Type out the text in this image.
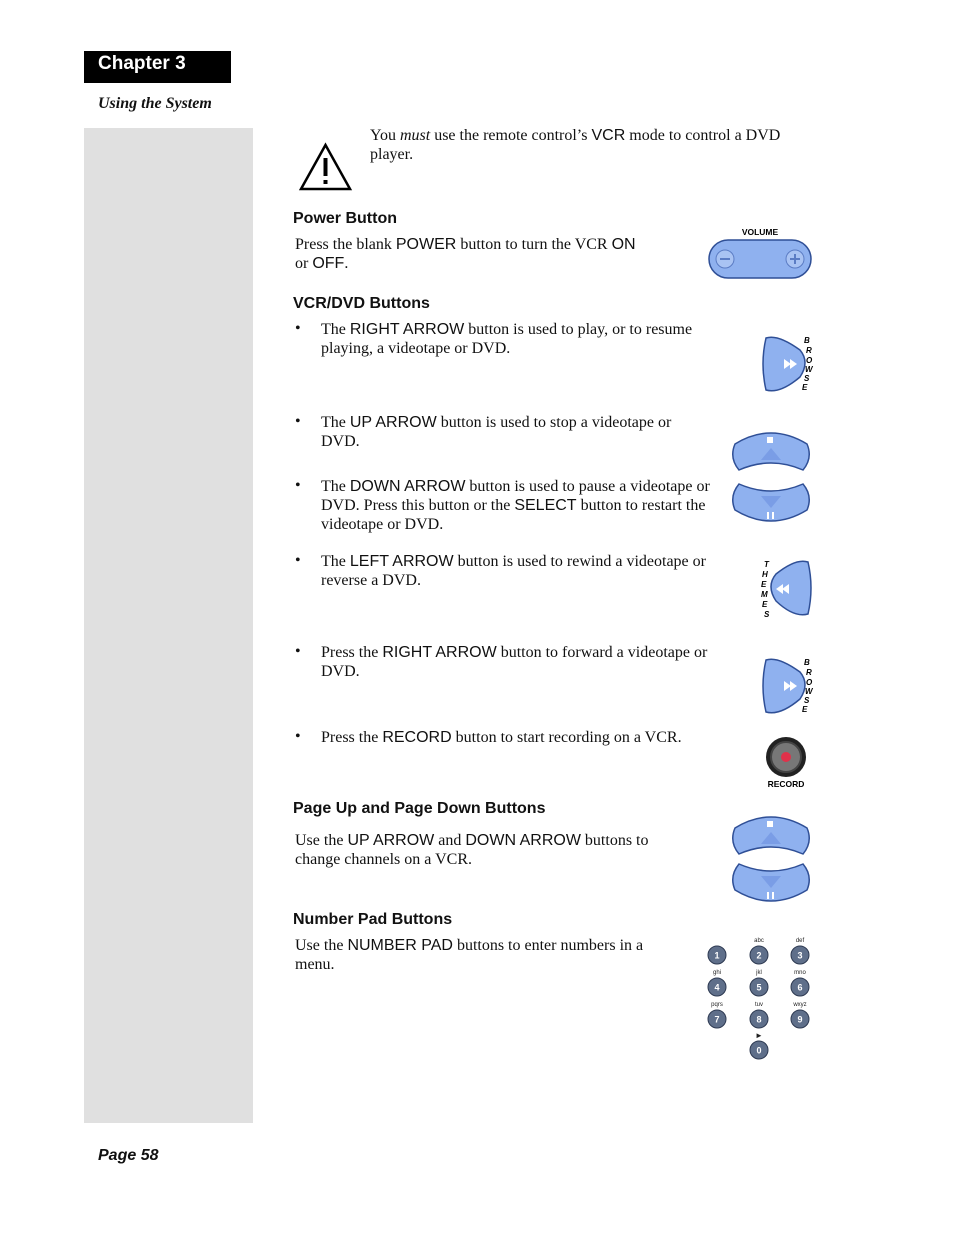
Chapter 3
Using the System
You must use the remote control’s VCR mode to control a DVD player.
Power Button
Press the blank POWER button to turn the VCR ON
or OFF.
VOLUME
VCR/DVD Buttons
• The RIGHT ARROW button is used to play, or to resume playing, a videotape or DVD.	B
R
O
W
S
E
• The UP ARROW button is used to stop a videotape or DVD.
• The DOWN ARROW button is used to pause a videotape or DVD. Press this button or the SELECT button to restart the videotape or DVD.
• The LEFT ARROW button is used to rewind a videotape or reverse a DVD.
T
H
E
M
E
S
• Press the RIGHT ARROW button to forward a videotape or DVD.
B
R
O
W
S
E
• Press the RECORD button to start recording on a VCR.
RECORD
Page Up and Page Down Buttons
Use the UP ARROW and DOWN ARROW buttons to change channels on a VCR.
Number Pad Buttons
Use the NUMBER PAD buttons to enter numbers in a menu.
abc	def
ghi	jkl	mno
pqrs	tuv	wxyz
►
1	2	3
4	5	6
7	8	9
0
Page 58
